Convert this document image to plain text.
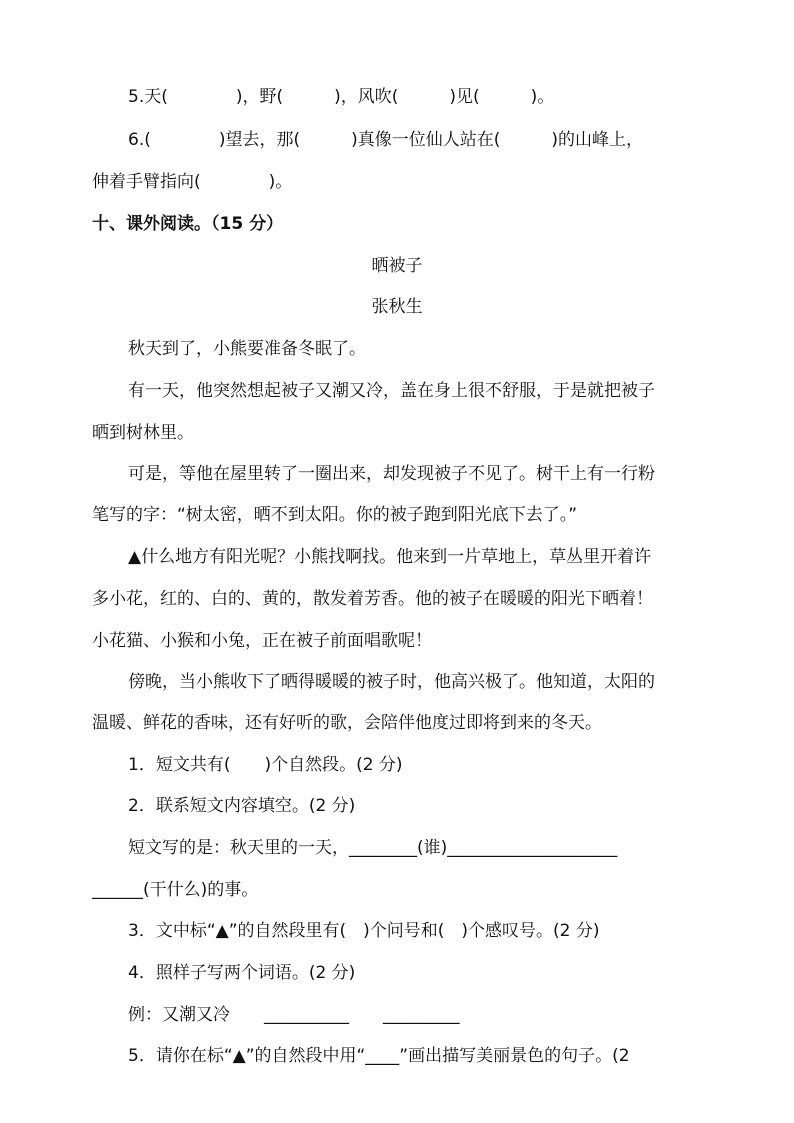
5.天(　　　　)，野(　　　)，风吹(　　　)见(　　　)。
6.(　　　　)望去，那(　　　)真像一位仙人站在(　　　)的山峰上，
伸着手臂指向(　　　　)。
十、课外阅读。（15 分）
晒被子
张秋生
秋天到了，小熊要准备冬眠了。
有一天，他突然想起被子又潮又冷，盖在身上很不舒服，于是就把被子
晒到树林里。
可是，等他在屋里转了一圈出来，却发现被子不见了。树干上有一行粉
笔写的字：“树太密，晒不到太阳。你的被子跑到阳光底下去了。”
▲什么地方有阳光呢？小熊找啊找。他来到一片草地上，草丛里开着许
多小花，红的、白的、黄的，散发着芳香。他的被子在暖暖的阳光下晒着！
小花猫、小猴和小兔，正在被子前面唱歌呢！
傍晚，当小熊收下了晒得暖暖的被子时，他高兴极了。他知道，太阳的
温暖、鲜花的香味，还有好听的歌，会陪伴他度过即将到来的冬天。
1．短文共有(　　)个自然段。(2 分)
2．联系短文内容填空。(2 分)
短文写的是：秋天里的一天，________(谁)____________________
______(干什么)的事。
3．文中标“▲”的自然段里有(　)个问号和(　)个感叹号。(2 分)
4．照样子写两个词语。(2 分)
例：又潮又冷　　__________　　_________
5．请你在标“▲”的自然段中用“____”画出描写美丽景色的句子。(2
